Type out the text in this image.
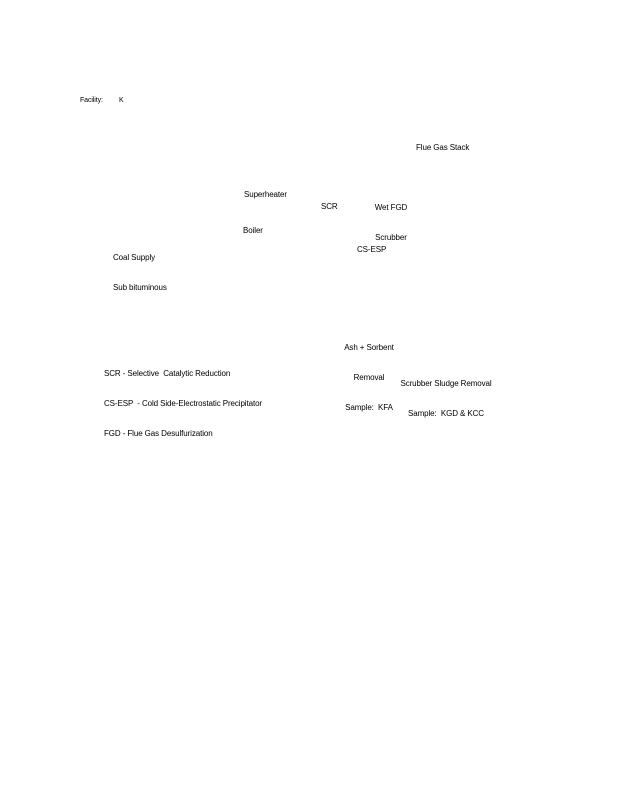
Facility: K
Flue Gas Stack

Wet FGD

Scrubber

Superheater
SCR
Boiler

Coal Supply

Sub bituminous

CS-ESP

Ash + Sorbent

Removal

Sample:  KFA

Scrubber Sludge Removal

Sample:  KGD & KCC

SCR - Selective  Catalytic Reduction

CS-ESP  - Cold Side-Electrostatic Precipitator

FGD - Flue Gas Desulfurization
